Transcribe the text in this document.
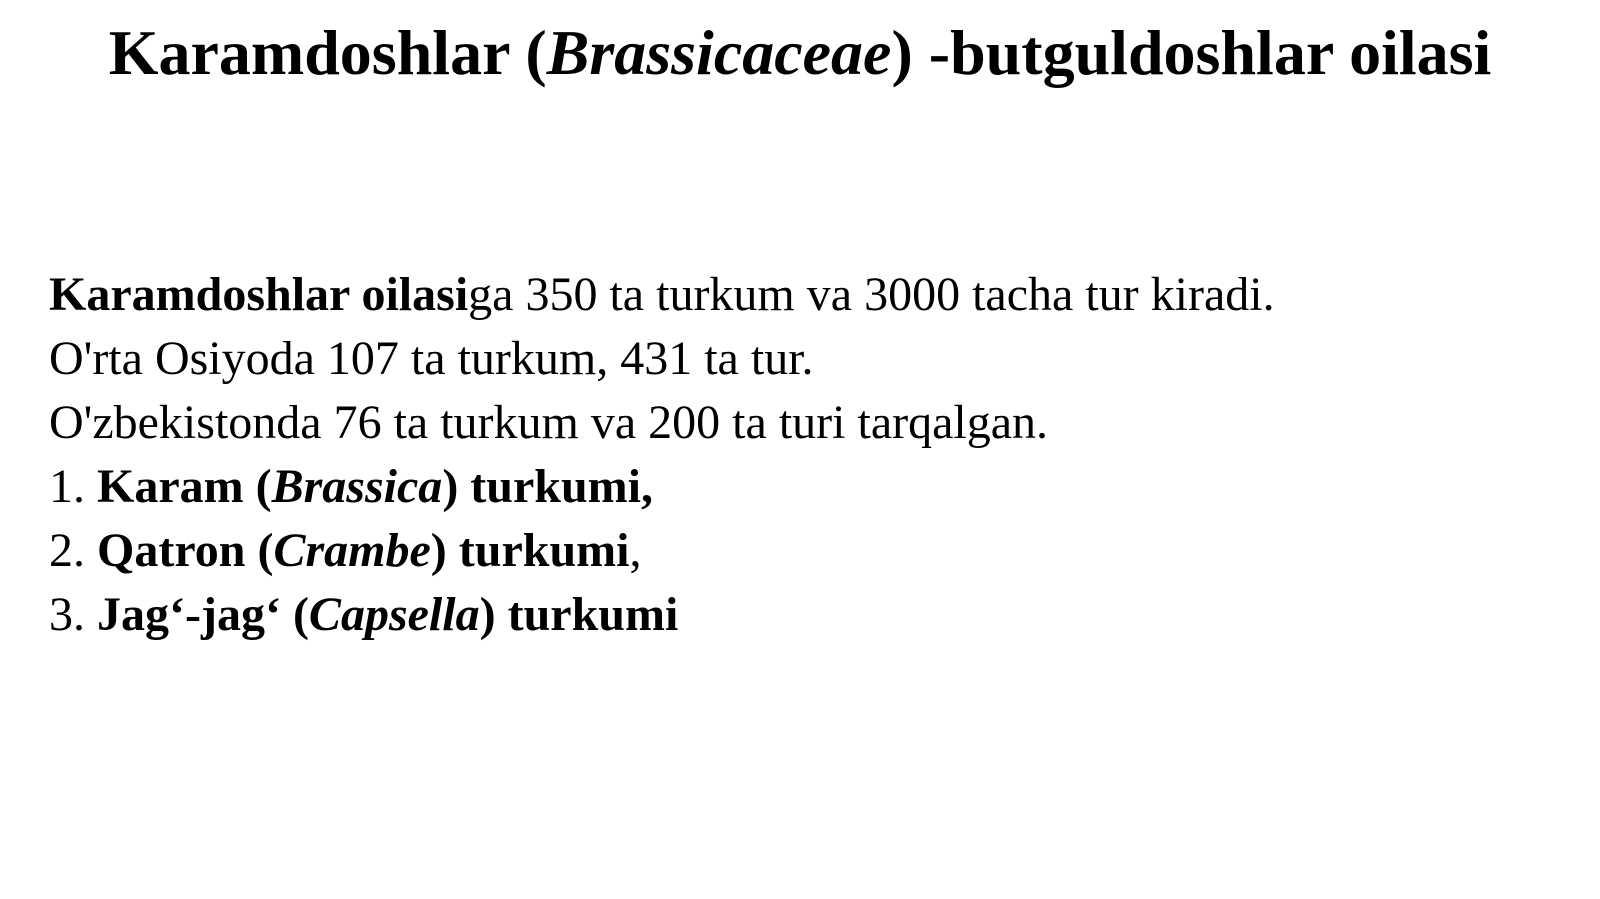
Karamdoshlar (Brassicaceae) -butguldoshlar oilasi
Karamdoshlar oilasiga 350 ta turkum va 3000 tacha tur kiradi.
O'rta Osiyoda 107 ta turkum, 431 ta tur.
O'zbekistonda 76 ta turkum va 200 ta turi tarqalgan.
1. Karam (Brassica) turkumi,
2. Qatron (Crambe) turkumi,
3. Jag‘-jag‘ (Capsella) turkumi
